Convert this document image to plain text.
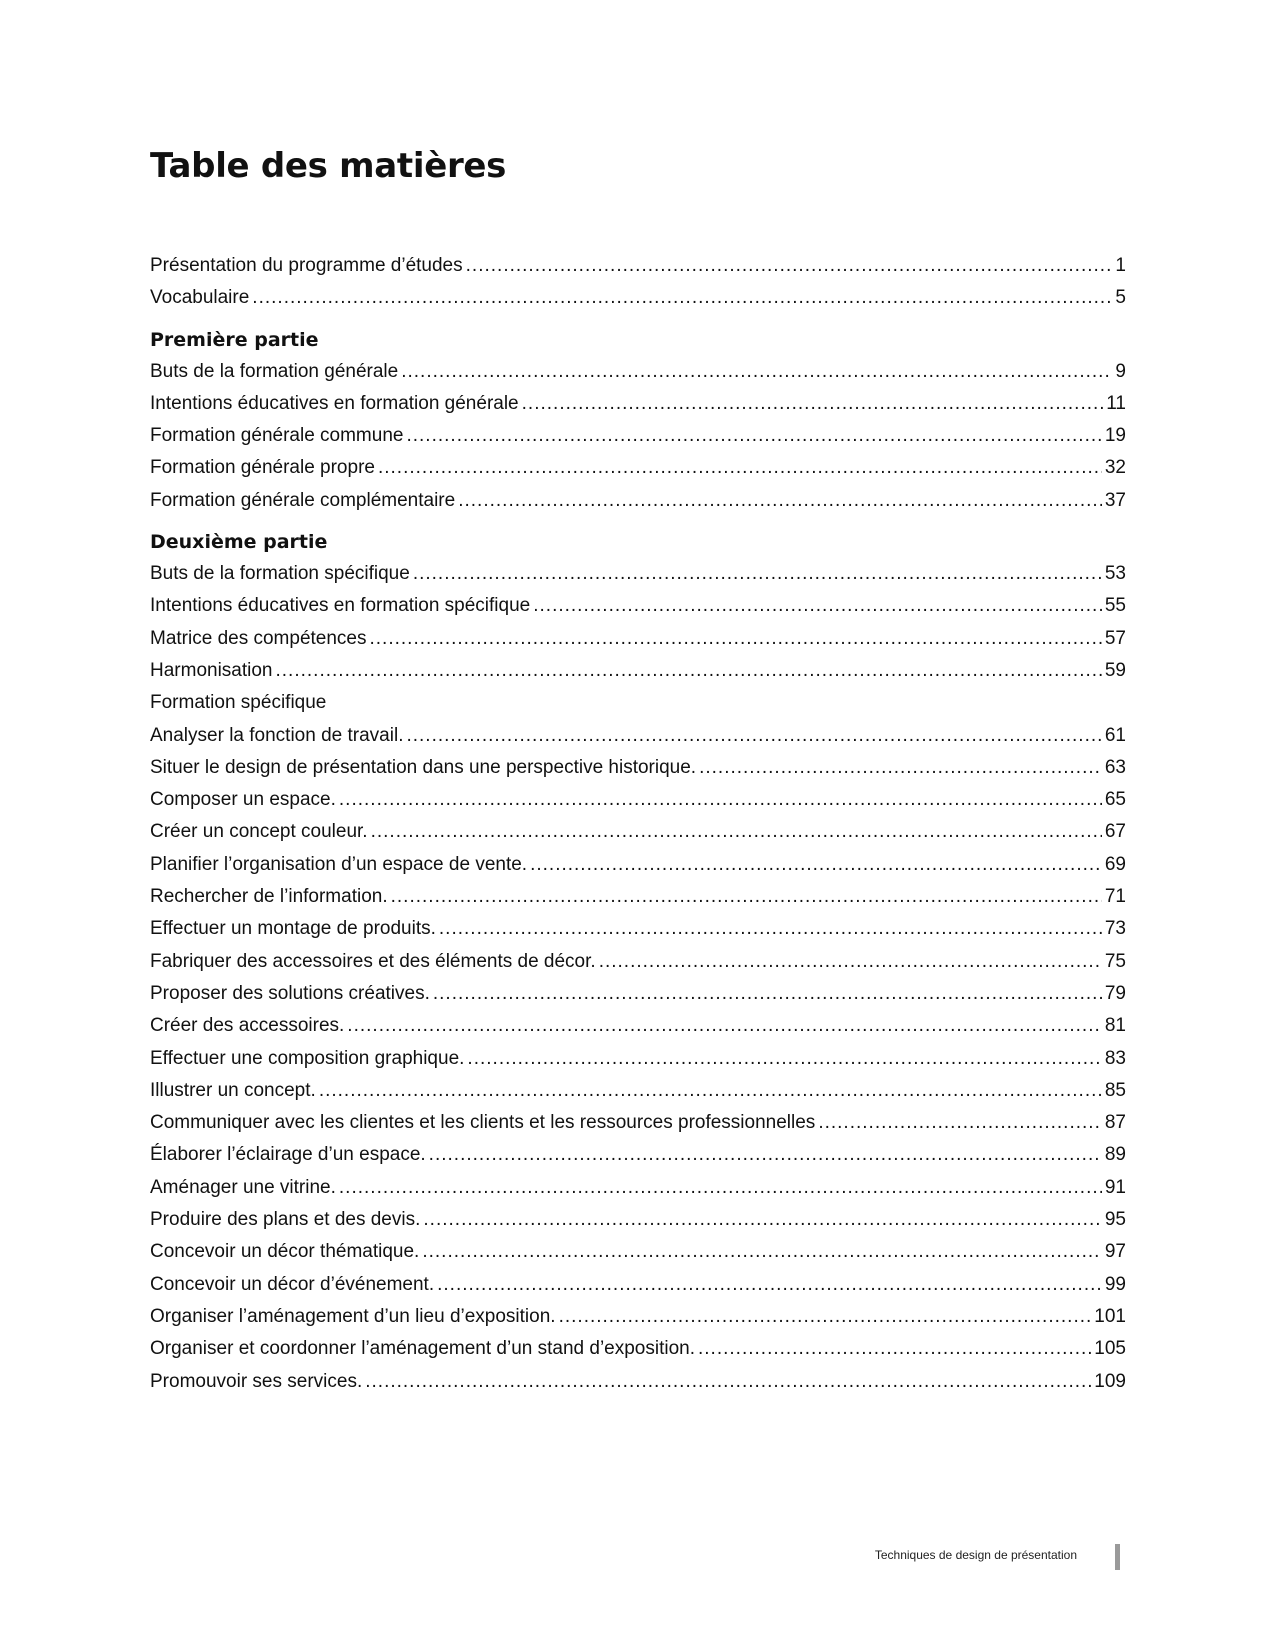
Table des matières
Présentation du programme d’études .....	1
Vocabulaire .....	5
Première partie
Buts de la formation générale .....	9
Intentions éducatives en formation générale .....	11
Formation générale commune .....	19
Formation générale propre .....	32
Formation générale complémentaire .....	37
Deuxième partie
Buts de la formation spécifique .....	53
Intentions éducatives en formation spécifique .....	55
Matrice des compétences .....	57
Harmonisation .....	59
Formation spécifique
Analyser la fonction de travail. .....	61
Situer le design de présentation dans une perspective historique. .....	63
Composer un espace. .....	65
Créer un concept couleur. .....	67
Planifier l’organisation d’un espace de vente. .....	69
Rechercher de l’information. .....	71
Effectuer un montage de produits. .....	73
Fabriquer des accessoires et des éléments de décor. .....	75
Proposer des solutions créatives. .....	79
Créer des accessoires. .....	81
Effectuer une composition graphique. .....	83
Illustrer un concept. .....	85
Communiquer avec les clientes et les clients et les ressources professionnelles .....	87
Élaborer l’éclairage d’un espace. .....	89
Aménager une vitrine. .....	91
Produire des plans et des devis. .....	95
Concevoir un décor thématique. .....	97
Concevoir un décor d’événement. .....	99
Organiser l’aménagement d’un lieu d’exposition. .....	101
Organiser et coordonner l’aménagement d’un stand d’exposition. .....	105
Promouvoir ses services. .....	109
Techniques de design de présentation
